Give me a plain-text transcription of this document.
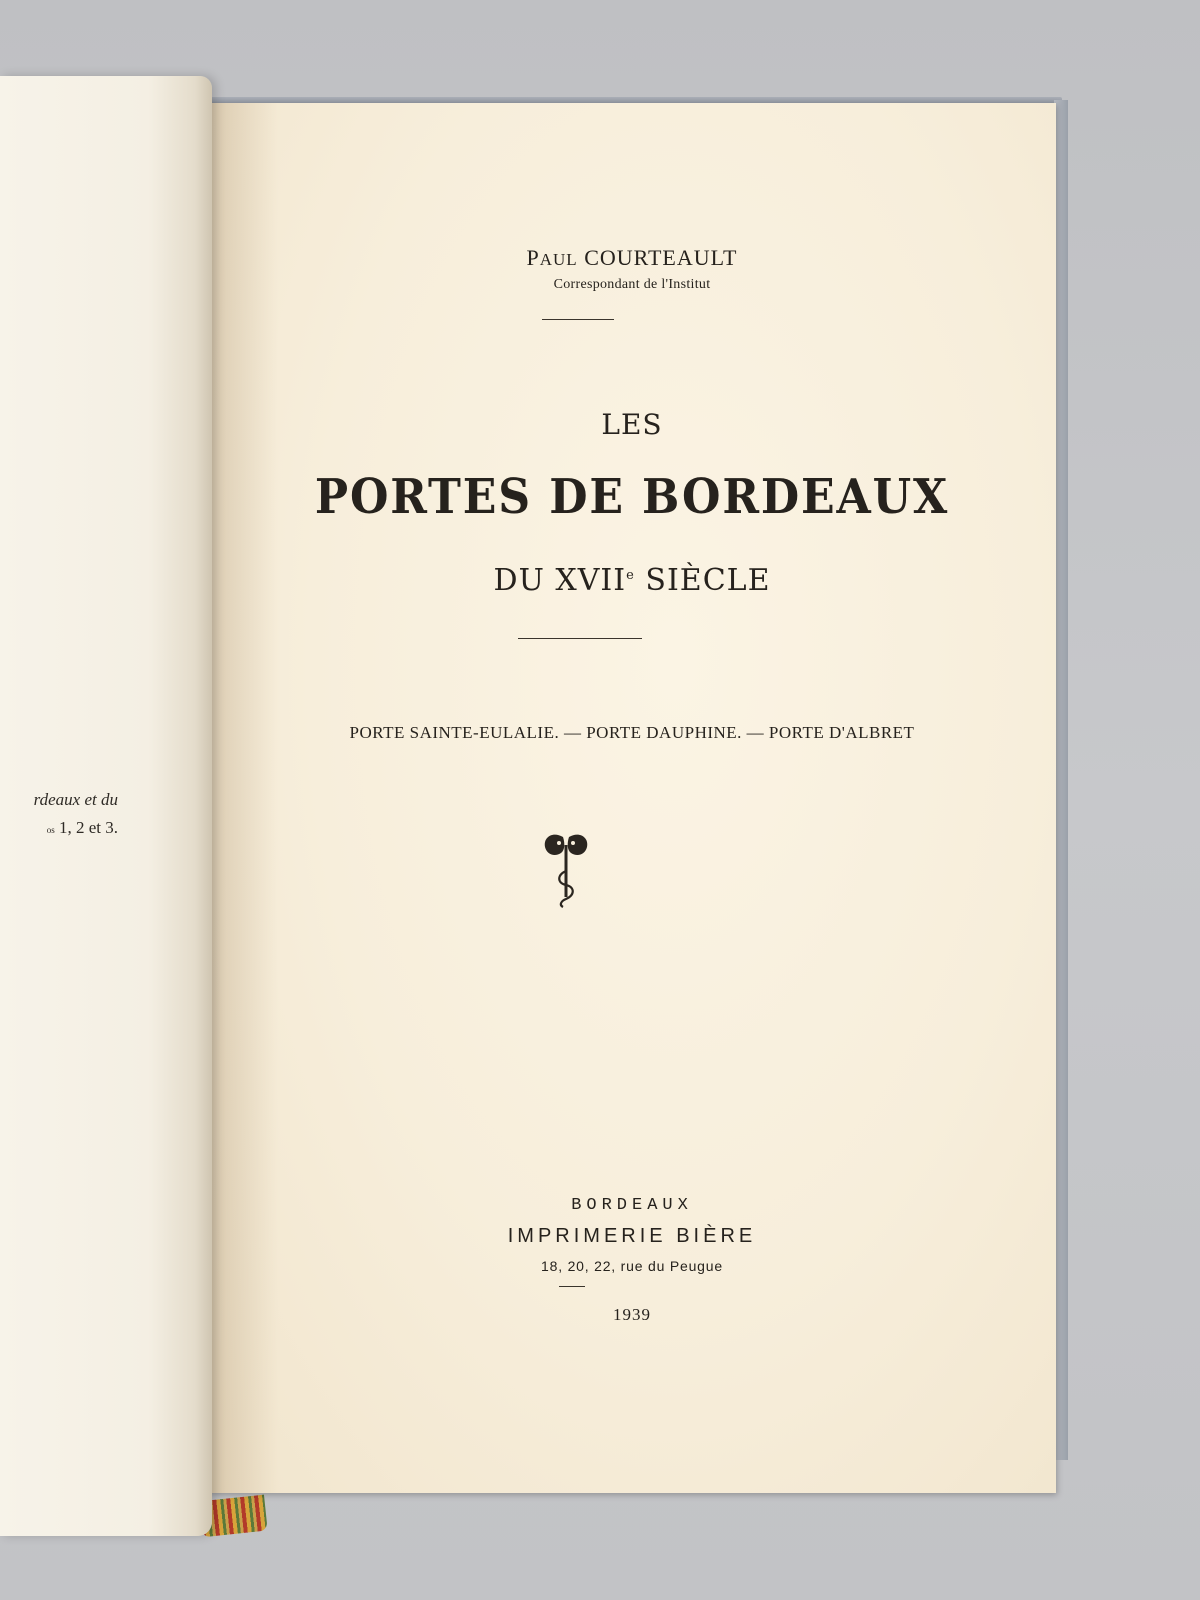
rdeaux et du
os 1, 2 et 3.
PAUL COURTEAULT
Correspondant de l'Institut
LES
PORTES DE BORDEAUX
DU XVIIe SIÈCLE
PORTE SAINTE-EULALIE. — PORTE DAUPHINE. — PORTE D'ALBRET
BORDEAUX
IMPRIMERIE BIÈRE
18, 20, 22, rue du Peugue
1939
